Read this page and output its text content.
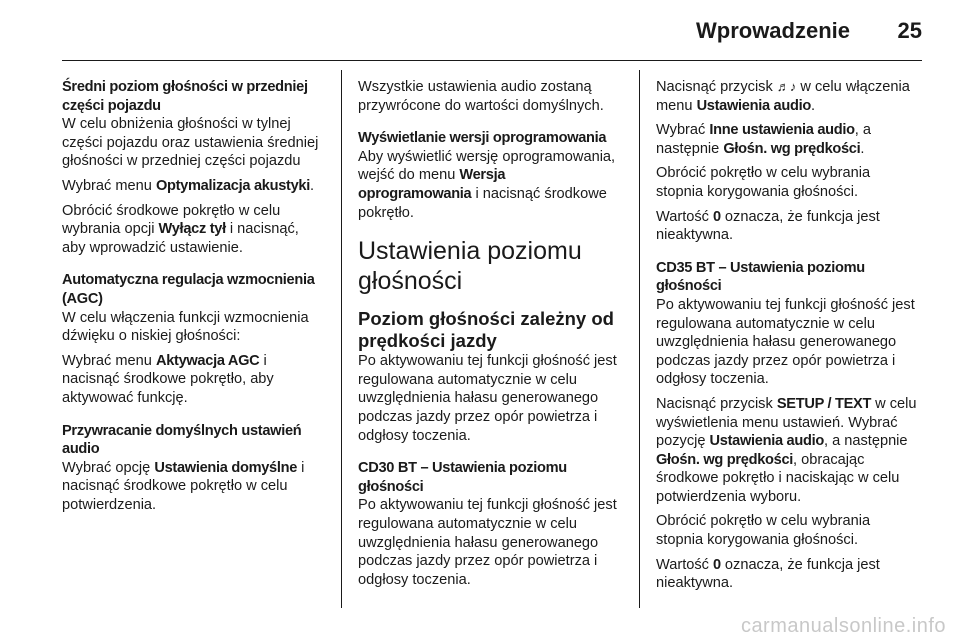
Wprowadzenie 25

Średni poziom głośności w przedniej części pojazdu

W celu obniżenia głośności w tylnej części pojazdu oraz ustawienia średniej głośności w przedniej części pojazdu

Wybrać menu Optymalizacja akustyki.

Obrócić środkowe pokrętło w celu wybrania opcji Wyłącz tył i nacisnąć, aby wprowadzić ustawienie.

Automatyczna regulacja wzmocnienia (AGC)

W celu włączenia funkcji wzmocnienia dźwięku o niskiej głośności:

Wybrać menu Aktywacja AGC i nacisnąć środkowe pokrętło, aby aktywować funkcję.

Przywracanie domyślnych ustawień audio

Wybrać opcję Ustawienia domyślne i nacisnąć środkowe pokrętło w celu potwierdzenia.

Wszystkie ustawienia audio zostaną przywrócone do wartości domyślnych.

Wyświetlanie wersji oprogramowania

Aby wyświetlić wersję oprogramowania, wejść do menu Wersja oprogramowania i nacisnąć środkowe pokrętło.

Ustawienia poziomu głośności
Poziom głośności zależny od prędkości jazdy

Po aktywowaniu tej funkcji głośność jest regulowana automatycznie w celu uwzględnienia hałasu generowanego podczas jazdy przez opór powietrza i odgłosy toczenia.

CD30 BT – Ustawienia poziomu głośności

Po aktywowaniu tej funkcji głośność jest regulowana automatycznie w celu uwzględnienia hałasu generowanego podczas jazdy przez opór powietrza i odgłosy toczenia.

Nacisnąć przycisk ♬♪ w celu włączenia menu Ustawienia audio.

Wybrać Inne ustawienia audio, a następnie Głośn. wg prędkości.

Obrócić pokrętło w celu wybrania stopnia korygowania głośności.

Wartość 0 oznacza, że funkcja jest nieaktywna.

CD35 BT – Ustawienia poziomu głośności

Po aktywowaniu tej funkcji głośność jest regulowana automatycznie w celu uwzględnienia hałasu generowanego podczas jazdy przez opór powietrza i odgłosy toczenia.

Nacisnąć przycisk SETUP / TEXT w celu wyświetlenia menu ustawień. Wybrać pozycję Ustawienia audio, a następnie Głośn. wg prędkości, obracając środkowe pokrętło i naciskając w celu potwierdzenia wyboru.

Obrócić pokrętło w celu wybrania stopnia korygowania głośności.

Wartość 0 oznacza, że funkcja jest nieaktywna.

carmanualsonline.info
